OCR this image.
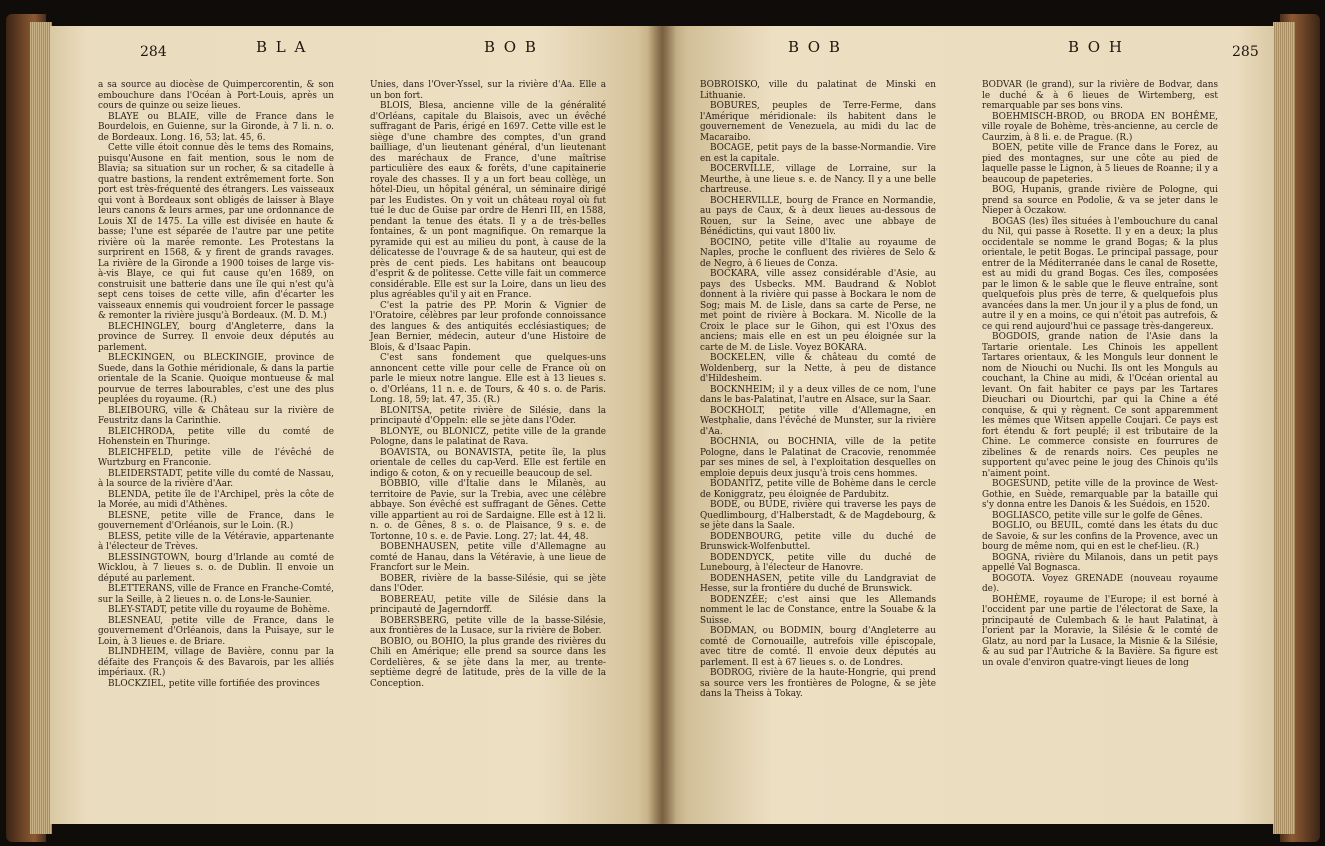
284	B L A	B O B	B O B	B O H	285

a sa source au diocèse de Quimpercorentin, & son embouchure dans l'Océan à Port-Louis, après un cours de quinze ou seize lieues.

BLAYE ou BLAIE, ville de France dans le Bourdelois, en Guienne, sur la Gironde, à 7 li. n. o. de Bordeaux. Long. 16, 53; lat. 45, 6.

Cette ville étoit connue dès le tems des Romains, puisqu'Ausone en fait mention, sous le nom de Blavia; sa situation sur un rocher, & sa citadelle à quatre bastions, la rendent extrêmement forte. Son port est très-fréquenté des étrangers. Les vaisseaux qui vont à Bordeaux sont obligés de laisser à Blaye leurs canons & leurs armes, par une ordonnance de Louis XI de 1475. La ville est divisée en haute & basse; l'une est séparée de l'autre par une petite rivière où la marée remonte. Les Protestans la surprirent en 1568, & y firent de grands ravages. La rivière de la Gironde a 1900 toises de large vis-à-vis Blaye, ce qui fut cause qu'en 1689, on construisit une batterie dans une île qui n'est qu'à sept cens toises de cette ville, afin d'écarter les vaisseaux ennemis qui voudroient forcer le passage & remonter la rivière jusqu'à Bordeaux. (M. D. M.)

BLECHINGLEY, bourg d'Angleterre, dans la province de Surrey. Il envoie deux députés au parlement.

BLECKINGEN, ou BLECKINGIE, province de Suede, dans la Gothie méridionale, & dans la partie orientale de la Scanie. Quoique montueuse & mal pourvue de terres labourables, c'est une des plus peuplées du royaume. (R.)

BLEIBOURG, ville & Château sur la rivière de Feustritz dans la Carinthie.

BLEICHRODA, petite ville du comté de Hohenstein en Thuringe.

BLEICHFELD, petite ville de l'évêché de Wurtzburg en Franconie.

BLEIDERSTADT, petite ville du comté de Nassau, à la source de la rivière d'Aar.

BLENDA, petite île de l'Archipel, près la côte de la Morée, au midi d'Athènes.

BLESNE, petite ville de France, dans le gouvernement d'Orléanois, sur le Loin. (R.)

BLESS, petite ville de la Vétéravie, appartenante à l'électeur de Trèves.

BLESSINGTOWN, bourg d'Irlande au comté de Wicklou, à 7 lieues s. o. de Dublin. Il envoie un député au parlement.

BLETTERANS, ville de France en Franche-Comté, sur la Seille, à 2 lieues n. o. de Lons-le-Saunier.

BLEY-STADT, petite ville du royaume de Bohème.

BLESNEAU, petite ville de France, dans le gouvernement d'Orléanois, dans la Puisaye, sur le Loin, à 3 lieues e. de Briare.

BLINDHEIM, village de Bavière, connu par la défaite des François & des Bavarois, par les alliés impériaux. (R.)

BLOCKZIEL, petite ville fortifiée des provinces

Unies, dans l'Over-Yssel, sur la rivière d'Aa. Elle a un bon fort.

BLOIS, Blesa, ancienne ville de la généralité d'Orléans, capitale du Blaisois, avec un évêché suffragant de Paris, érigé en 1697. Cette ville est le siège d'une chambre des comptes, d'un grand bailliage, d'un lieutenant général, d'un lieutenant des maréchaux de France, d'une maîtrise particulière des eaux & forêts, d'une capitainerie royale des chasses. Il y a un fort beau collège, un hôtel-Dieu, un hôpital général, un séminaire dirigé par les Eudistes. On y voit un château royal où fut tué le duc de Guise par ordre de Henri III, en 1588, pendant la tenue des états. Il y a de très-belles fontaines, & un pont magnifique. On remarque la pyramide qui est au milieu du pont, à cause de la délicatesse de l'ouvrage & de sa hauteur, qui est de près de cent pieds. Les habitans ont beaucoup d'esprit & de politesse. Cette ville fait un commerce considérable. Elle est sur la Loire, dans un lieu des plus agréables qu'il y ait en France.

C'est la patrie des PP. Morin & Vignier de l'Oratoire, célèbres par leur profonde connoissance des langues & des antiquités ecclésiastiques; de Jean Bernier, médecin, auteur d'une Histoire de Blois, & d'Isaac Papin.

C'est sans fondement que quelques-uns annoncent cette ville pour celle de France où on parle le mieux notre langue. Elle est à 13 lieues s. o. d'Orléans, 11 n. e. de Tours, & 40 s. o. de Paris. Long. 18, 59; lat. 47, 35. (R.)

BLONITSA, petite rivière de Silésie, dans la principauté d'Oppeln: elle se jète dans l'Oder.

BLONYE, ou BLONICZ, petite ville de la grande Pologne, dans le palatinat de Rava.

BOAVISTA, ou BONAVISTA, petite île, la plus orientale de celles du cap-Verd. Elle est fertile en indigo & coton, & on y recueille beaucoup de sel.

BOBBIO, ville d'Italie dans le Milanès, au territoire de Pavie, sur la Trebia, avec une célèbre abbaye. Son évêché est suffragant de Gênes. Cette ville appartient au roi de Sardaigne. Elle est à 12 li. n. o. de Gênes, 8 s. o. de Plaisance, 9 s. e. de Tortonne, 10 s. e. de Pavie. Long. 27; lat. 44, 48.

BOBENHAUSEN, petite ville d'Allemagne au comté de Hanau, dans la Vétéravie, à une lieue de Francfort sur le Mein.

BOBER, rivière de la basse-Silésie, qui se jète dans l'Oder.

BOBEREAU, petite ville de Silésie dans la principauté de Jagerndorff.

BOBERSBERG, petite ville de la basse-Silésie, aux frontières de la Lusace, sur la rivière de Bober.

BOBIO, ou BOHIO, la plus grande des rivières du Chili en Amérique; elle prend sa source dans les Cordelières, & se jète dans la mer, au trente-septième degré de latitude, près de la ville de la Conception.

BOBROISKO, ville du palatinat de Minski en Lithuanie.

BOBURES, peuples de Terre-Ferme, dans l'Amérique méridionale: ils habitent dans le gouvernement de Venezuela, au midi du lac de Macaraibo.

BOCAGE, petit pays de la basse-Normandie. Vire en est la capitale.

BOCERVILLE, village de Lorraine, sur la Meurthe, à une lieue s. e. de Nancy. Il y a une belle chartreuse.

BOCHERVILLE, bourg de France en Normandie, au pays de Caux, & à deux lieues au-dessous de Rouen, sur la Seine, avec une abbaye de Bénédictins, qui vaut 1800 liv.

BOCINO, petite ville d'Italie au royaume de Naples, proche le confluent des rivières de Selo & de Negro, à 6 lieues de Conza.

BOCKARA, ville assez considérable d'Asie, au pays des Usbecks. MM. Baudrand & Noblot donnent à la rivière qui passe à Bockara le nom de Sog; mais M. de Lisle, dans sa carte de Perse, ne met point de rivière à Bockara. M. Nicolle de la Croix le place sur le Gihon, qui est l'Oxus des anciens; mais elle en est un peu éloignée sur la carte de M. de Lisle. Voyez BOKARA.

BOCKELEN, ville & château du comté de Woldenberg, sur la Nette, à peu de distance d'Hildesheim.

BOCKNHEIM; il y a deux villes de ce nom, l'une dans le bas-Palatinat, l'autre en Alsace, sur la Saar.

BOCKHOLT, petite ville d'Allemagne, en Westphalie, dans l'évêché de Munster, sur la rivière d'Aa.

BOCHNIA, ou BOCHNIA, ville de la petite Pologne, dans le Palatinat de Cracovie, renommée par ses mines de sel, à l'exploitation desquelles on emploie depuis deux jusqu'à trois cens hommes.

BODANITZ, petite ville de Bohème dans le cercle de Koniggratz, peu éloignée de Pardubitz.

BODE, ou BUDE, rivière qui traverse les pays de Quedlimbourg, d'Halberstadt, & de Magdebourg, & se jète dans la Saale.

BODENBOURG, petite ville du duché de Brunswick-Wolfenbuttel.

BODENDYCK, petite ville du duché de Lunebourg, à l'électeur de Hanovre.

BODENHASEN, petite ville du Landgraviat de Hesse, sur la frontière du duché de Brunswick.

BODENZÉE; c'est ainsi que les Allemands nomment le lac de Constance, entre la Souabe & la Suisse.

BODMAN, ou BODMIN, bourg d'Angleterre au comté de Cornouaille, autrefois ville épiscopale, avec titre de comté. Il envoie deux députés au parlement. Il est à 67 lieues s. o. de Londres.

BODROG, rivière de la haute-Hongrie, qui prend sa source vers les frontières de Pologne, & se jète dans la Theiss à Tokay.

BODVAR (le grand), sur la rivière de Bodvar, dans le duché & à 6 lieues de Wirtemberg, est remarquable par ses bons vins.

BOEHMISCH-BROD, ou BRODA EN BOHÊME, ville royale de Bohème, très-ancienne, au cercle de Caurzim, à 8 li. e. de Prague. (R.)

BOEN, petite ville de France dans le Forez, au pied des montagnes, sur une côte au pied de laquelle passe le Lignon, à 5 lieues de Roanne; il y a beaucoup de papeteries.

BOG, Hupanis, grande rivière de Pologne, qui prend sa source en Podolie, & va se jeter dans le Nieper à Oczakow.

BOGAS (les) îles situées à l'embouchure du canal du Nil, qui passe à Rosette. Il y en a deux; la plus occidentale se nomme le grand Bogas; & la plus orientale, le petit Bogas. Le principal passage, pour entrer de la Méditerranée dans le canal de Rosette, est au midi du grand Bogas. Ces îles, composées par le limon & le sable que le fleuve entraîne, sont quelquefois plus près de terre, & quelquefois plus avancées dans la mer. Un jour il y a plus de fond, un autre il y en a moins, ce qui n'étoit pas autrefois, & ce qui rend aujourd'hui ce passage très-dangereux.

BOGDOIS, grande nation de l'Asie dans la Tartarie orientale. Les Chinois les appellent Tartares orientaux, & les Monguls leur donnent le nom de Niouchi ou Nuchi. Ils ont les Monguls au couchant, la Chine au midi, & l'Océan oriental au levant. On fait habiter ce pays par les Tartares Dieuchari ou Diourtchi, par qui la Chine a été conquise, & qui y règnent. Ce sont apparemment les mêmes que Witsen appelle Coujari. Ce pays est fort étendu & fort peuplé; il est tributaire de la Chine. Le commerce consiste en fourrures de zibelines & de renards noirs. Ces peuples ne supportent qu'avec peine le joug des Chinois qu'ils n'aiment point.

BOGESUND, petite ville de la province de West-Gothie, en Suède, remarquable par la bataille qui s'y donna entre les Danois & les Suédois, en 1520.

BOGLIASCO, petite ville sur le golfe de Gênes.

BOGLIO, ou BEUIL, comté dans les états du duc de Savoie, & sur les confins de la Provence, avec un bourg de même nom, qui en est le chef-lieu. (R.)

BOGNA, rivière du Milanois, dans un petit pays appellé Val Bognasca.

BOGOTA. Voyez GRENADE (nouveau royaume de).

BOHÈME, royaume de l'Europe; il est borné à l'occident par une partie de l'électorat de Saxe, la principauté de Culembach & le haut Palatinat, à l'orient par la Moravie, la Silésie & le comté de Glatz, au nord par la Lusace, la Misnie & la Silésie, & au sud par l'Autriche & la Bavière. Sa figure est un ovale d'environ quatre-vingt lieues de long
